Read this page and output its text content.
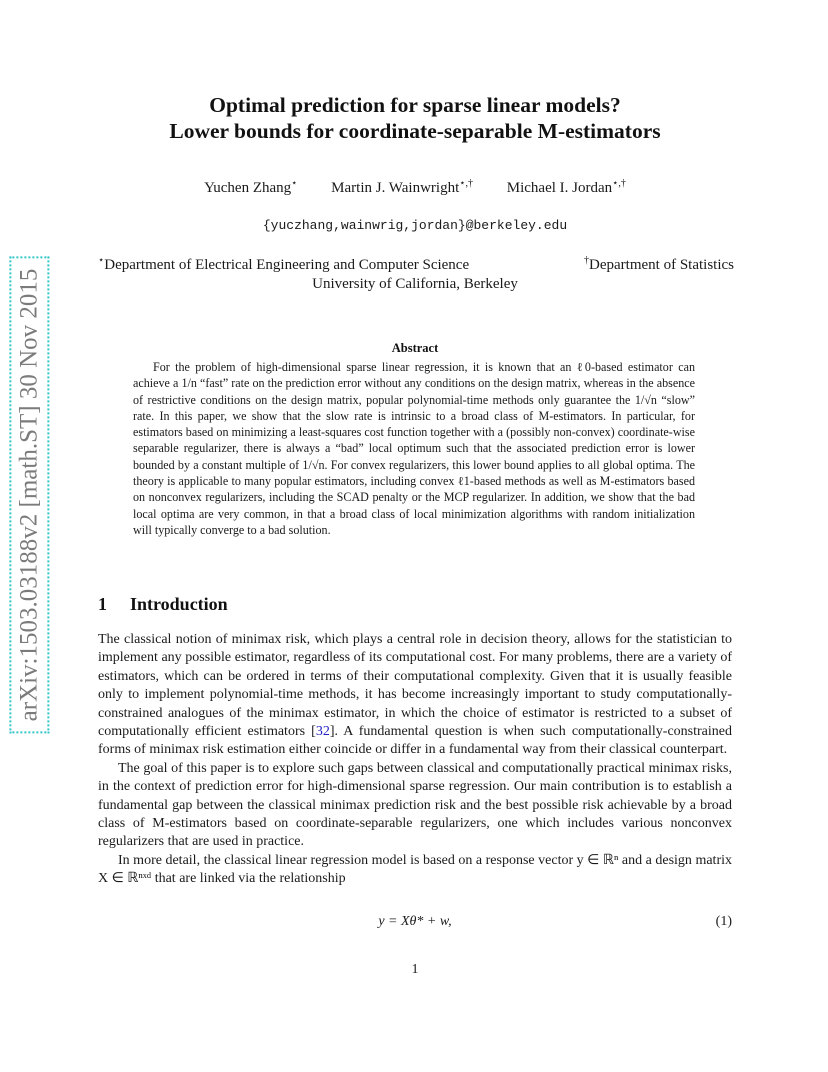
arXiv:1503.03188v2 [math.ST] 30 Nov 2015
Optimal prediction for sparse linear models?
Lower bounds for coordinate-separable M-estimators
Yuchen Zhang⋆ Martin J. Wainwright⋆,† Michael I. Jordan⋆,†
{yuczhang,wainwrig,jordan}@berkeley.edu
⋆Department of Electrical Engineering and Computer Science	†Department of Statistics
University of California, Berkeley
Abstract
For the problem of high-dimensional sparse linear regression, it is known that an ℓ0-based estimator can achieve a 1/n “fast” rate on the prediction error without any conditions on the design matrix, whereas in the absence of restrictive conditions on the design matrix, popular polynomial-time methods only guarantee the 1/√n “slow” rate. In this paper, we show that the slow rate is intrinsic to a broad class of M-estimators. In particular, for estimators based on minimizing a least-squares cost function together with a (possibly non-convex) coordinate-wise separable regularizer, there is always a “bad” local optimum such that the associated prediction error is lower bounded by a constant multiple of 1/√n. For convex regularizers, this lower bound applies to all global optima. The theory is applicable to many popular estimators, including convex ℓ1-based methods as well as M-estimators based on nonconvex regularizers, including the SCAD penalty or the MCP regularizer. In addition, we show that the bad local optima are very common, in that a broad class of local minimization algorithms with random initialization will typically converge to a bad solution.
1 Introduction

The classical notion of minimax risk, which plays a central role in decision theory, allows for the statistician to implement any possible estimator, regardless of its computational cost. For many problems, there are a variety of estimators, which can be ordered in terms of their computational complexity. Given that it is usually feasible only to implement polynomial-time methods, it has become increasingly important to study computationally-constrained analogues of the minimax estimator, in which the choice of estimator is restricted to a subset of computationally efficient estimators [32]. A fundamental question is when such computationally-constrained forms of minimax risk estimation either coincide or differ in a fundamental way from their classical counterpart.

The goal of this paper is to explore such gaps between classical and computationally practical minimax risks, in the context of prediction error for high-dimensional sparse regression. Our main contribution is to establish a fundamental gap between the classical minimax prediction risk and the best possible risk achievable by a broad class of M-estimators based on coordinate-separable regularizers, one which includes various nonconvex regularizers that are used in practice.

In more detail, the classical linear regression model is based on a response vector y ∈ ℝⁿ and a design matrix X ∈ ℝⁿˣᵈ that are linked via the relationship

y = Xθ* + w,	(1)
1
